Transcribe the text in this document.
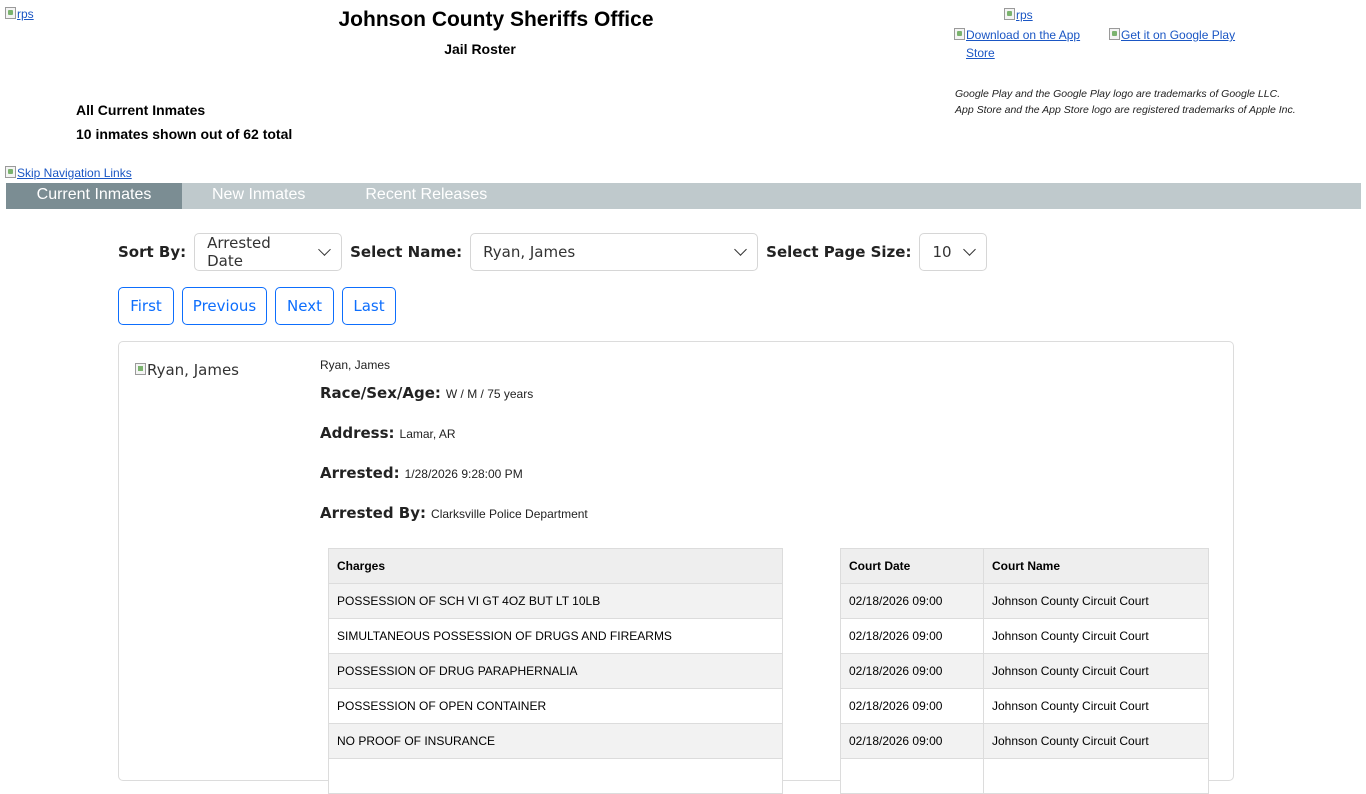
rps	Johnson County Sheriffs Office
Jail Roster
All Current Inmates
10 inmates shown out of 62 total
rps
Download on the App Store
Get it on Google Play
Google Play and the Google Play logo are trademarks of Google LLC.
App Store and the App Store logo are registered trademarks of Apple Inc.
Skip Navigation Links
Current Inmates	New Inmates	Recent Releases
Sort By: Arrested Date	Select Name: Ryan, James	Select Page Size: 10
First	Previous	Next	Last
Ryan, James	Ryan, James
Race/Sex/Age: W / M / 75 years
Address: Lamar, AR
Arrested: 1/28/2026 9:28:00 PM
Arrested By: Clarksville Police Department
Charges
POSSESSION OF SCH VI GT 4OZ BUT LT 10LB
SIMULTANEOUS POSSESSION OF DRUGS AND FIREARMS
POSSESSION OF DRUG PARAPHERNALIA
POSSESSION OF OPEN CONTAINER
NO PROOF OF INSURANCE

Court Date	Court Name
02/18/2026 09:00	Johnson County Circuit Court
02/18/2026 09:00	Johnson County Circuit Court
02/18/2026 09:00	Johnson County Circuit Court
02/18/2026 09:00	Johnson County Circuit Court
02/18/2026 09:00	Johnson County Circuit Court
